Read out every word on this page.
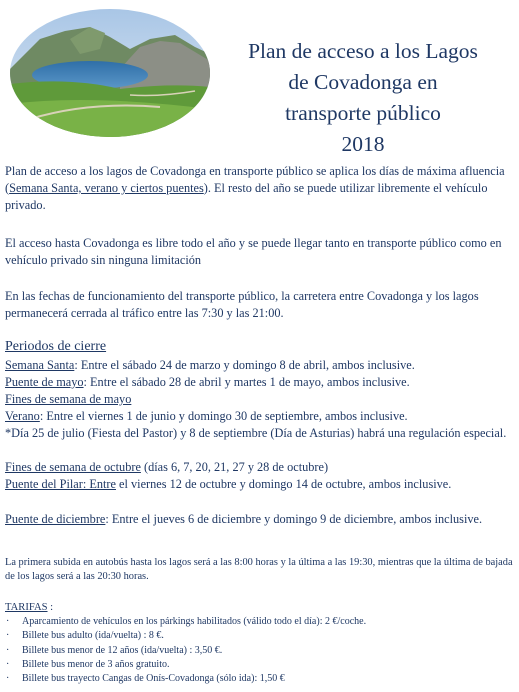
Plan de acceso a los Lagos
de Covadonga en
transporte público
2018
Plan de acceso a los lagos de Covadonga en transporte público se aplica los días de máxima afluencia (Semana Santa, verano y ciertos puentes). El resto del año se puede utilizar libremente el vehículo privado.
El acceso hasta Covadonga es libre todo el año y se puede llegar tanto en transporte público como en vehículo privado sin ninguna limitación
En las fechas de funcionamiento del transporte público, la carretera entre Covadonga y los lagos permanecerá cerrada al tráfico entre las 7:30 y las 21:00.
Periodos de cierre
Semana Santa: Entre el sábado 24 de marzo y domingo 8 de abril, ambos inclusive.
Puente de mayo: Entre el sábado 28 de abril y martes 1 de mayo, ambos inclusive.
Fines de semana de mayo
Verano: Entre el viernes 1 de junio y domingo 30 de septiembre, ambos inclusive.
*Día 25 de julio (Fiesta del Pastor) y 8 de septiembre (Día de Asturias) habrá una regulación especial.
Fines de semana de octubre (días 6, 7, 20, 21, 27 y 28 de octubre)
Puente del Pilar: Entre el viernes 12 de octubre y domingo 14 de octubre, ambos inclusive.
Puente de diciembre: Entre el jueves 6 de diciembre y domingo 9 de diciembre, ambos inclusive.
La primera subida en autobús hasta los lagos será a las 8:00 horas y la última a las 19:30, mientras que la última de bajada de los lagos será a las 20:30 horas.
TARIFAS :
· Aparcamiento de vehículos en los párkings habilitados (válido todo el día): 2 €/coche.
· Billete bus adulto (ida/vuelta) : 8 €.
· Billete bus menor de 12 años (ida/vuelta) : 3,50 €.
· Billete bus menor de 3 años gratuito.
· Billete bus trayecto Cangas de Onís-Covadonga (sólo ida): 1,50 €
